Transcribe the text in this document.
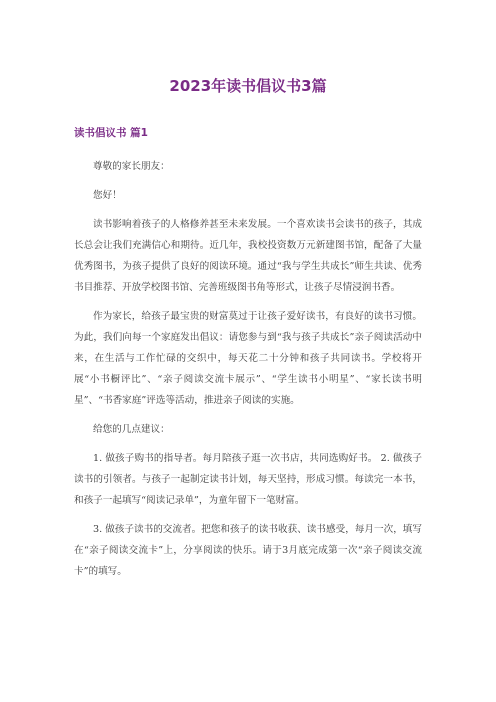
2023年读书倡议书3篇
读书倡议书 篇1

尊敬的家长朋友：

您好！

读书影响着孩子的人格修养甚至未来发展。一个喜欢读书会读书的孩子，其成长总会让我们充满信心和期待。近几年，我校投资数万元新建图书馆，配备了大量优秀图书，为孩子提供了良好的阅读环境。通过“我与学生共成长”师生共读、优秀书目推荐、开放学校图书馆、完善班级图书角等形式，让孩子尽情浸润书香。

作为家长，给孩子最宝贵的财富莫过于让孩子爱好读书，有良好的读书习惯。为此，我们向每一个家庭发出倡议：请您参与到“我与孩子共成长”亲子阅读活动中来，在生活与工作忙碌的交织中，每天花二十分钟和孩子共同读书。学校将开展“小书橱评比”、“亲子阅读交流卡展示”、“学生读书小明星”、“家长读书明星”、“书香家庭”评选等活动，推进亲子阅读的实施。

给您的几点建议：

1. 做孩子购书的指导者。每月陪孩子逛一次书店，共同选购好书。 2. 做孩子读书的引领者。与孩子一起制定读书计划，每天坚持，形成习惯。每读完一本书，和孩子一起填写“阅读记录单”，为童年留下一笔财富。

3. 做孩子读书的交流者。把您和孩子的读书收获、读书感受，每月一次，填写在“亲子阅读交流卡”上，分享阅读的快乐。请于3月底完成第一次“亲子阅读交流卡”的填写。
